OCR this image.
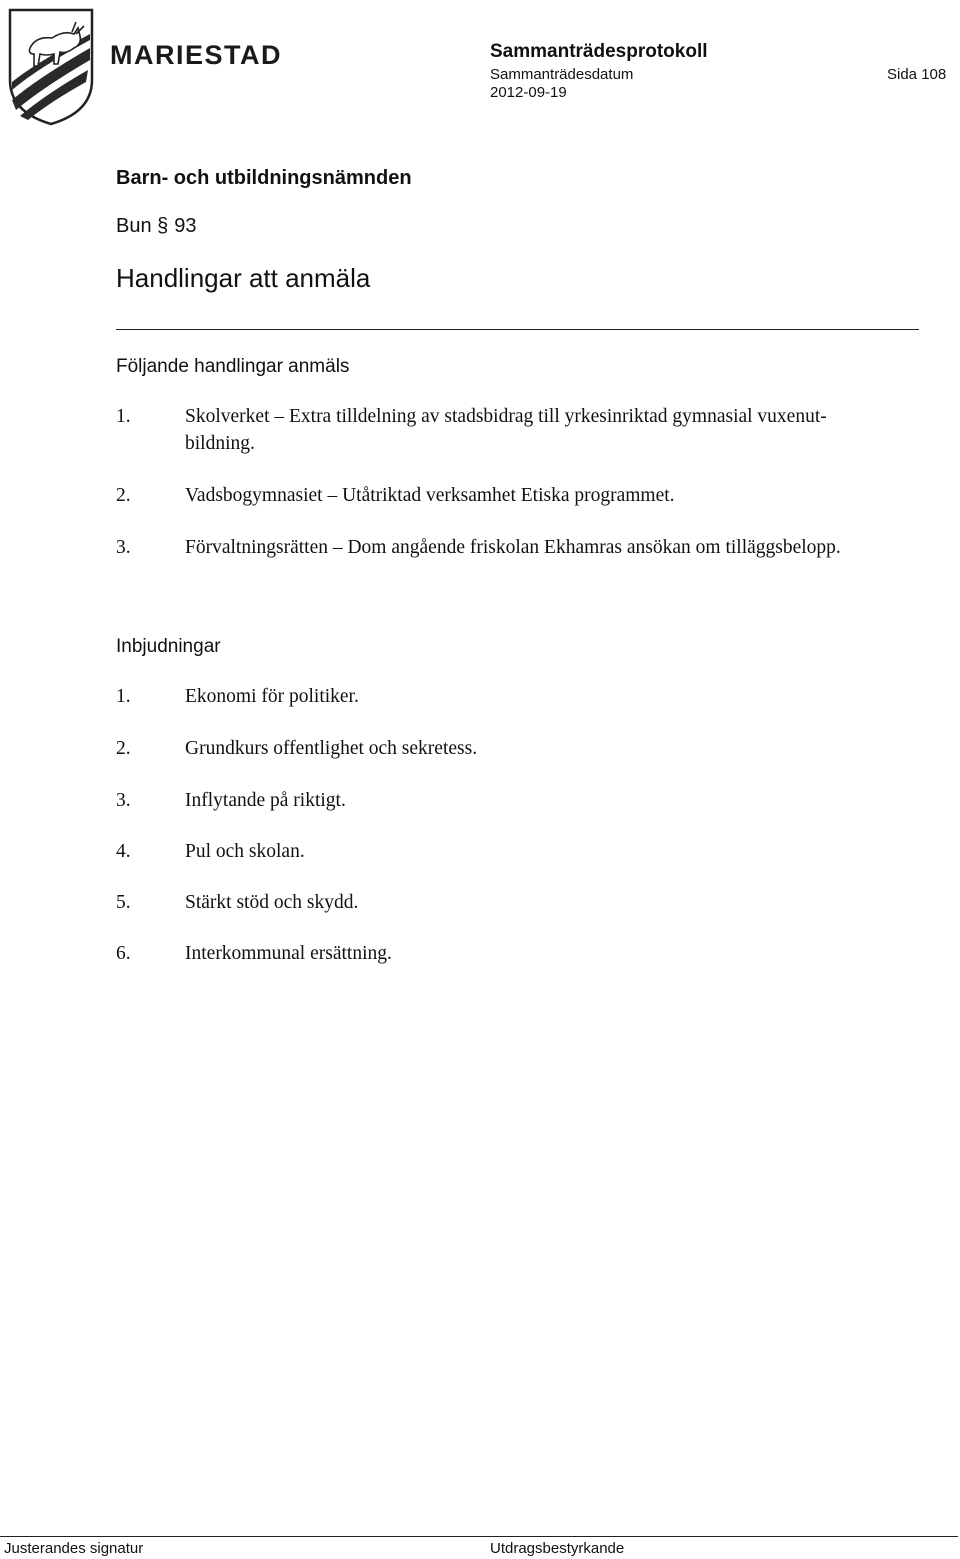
MARIESTAD	Sammanträdesprotokoll
Sammanträdesdatum	Sida 108
2012-09-19
Barn- och utbildningsnämnden
Bun § 93
Handlingar att anmäla
Följande handlingar anmäls
1.	Skolverket – Extra tilldelning av stadsbidrag till yrkesinriktad gymnasial vuxenut-
bildning.
2.	Vadsbogymnasiet – Utåtriktad verksamhet Etiska programmet.
3.	Förvaltningsrätten – Dom angående friskolan Ekhamras ansökan om tilläggsbelopp.
Inbjudningar
1.	Ekonomi för politiker.
2.	Grundkurs offentlighet och sekretess.
3.	Inflytande på riktigt.
4.	Pul och skolan.
5.	Stärkt stöd och skydd.
6.	Interkommunal ersättning.
Justerandes signatur	Utdragsbestyrkande
